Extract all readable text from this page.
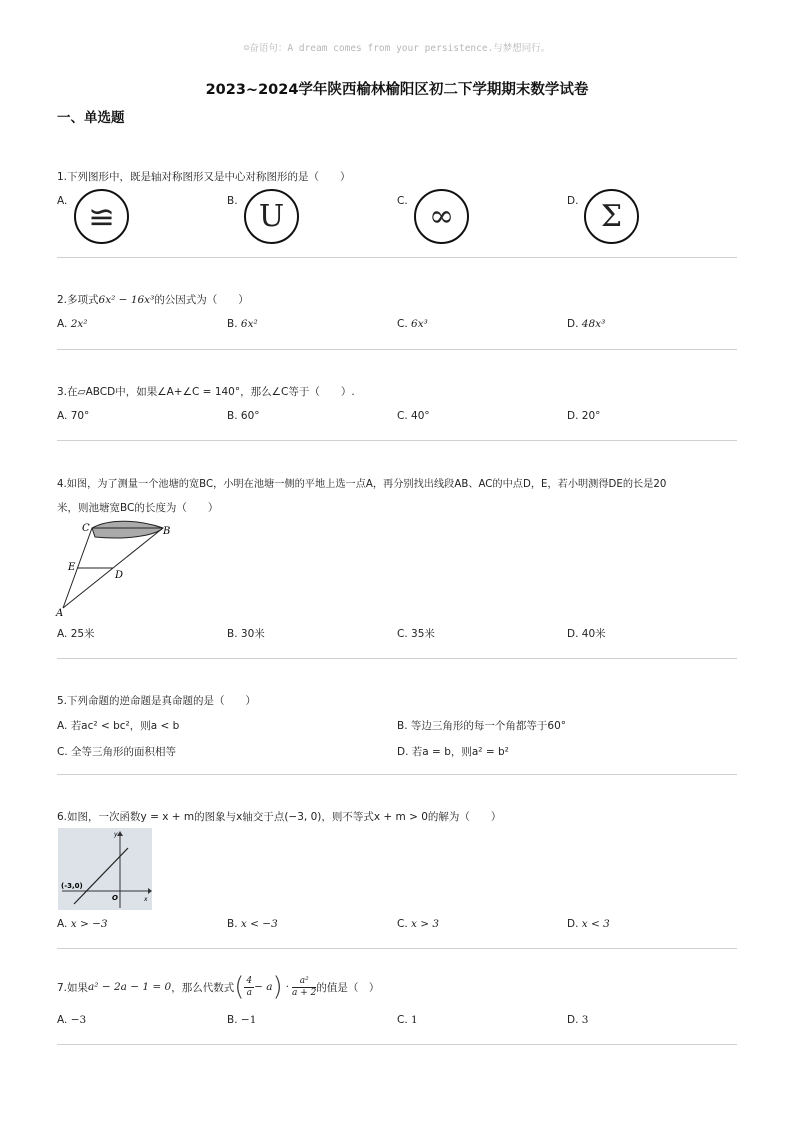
☺奋语句：A dream comes from your persistence.与梦想同行。
2023~2024学年陕西榆林榆阳区初二下学期期末数学试卷
一、单选题
1.下列图形中，既是轴对称图形又是中心对称图形的是（　　）
A. ≌	B. U	C. ∞	D. Σ
2.多项式6x² − 16x³的公因式为（　　）
A. 2x²	B. 6x²	C. 6x³	D. 48x³
3.在▱ABCD中，如果∠A+∠C = 140°，那么∠C等于（　　）.
A. 70°	B. 60°	C. 40°	D. 20°
4.如图，为了测量一个池塘的宽BC，小明在池塘一侧的平地上选一点A，再分别找出线段AB、AC的中点D，E，若小明测得DE的长是20
米，则池塘宽BC的长度为（　　）
C	B
E
D
A
A. 25米	B. 30米	C. 35米	D. 40米
5.下列命题的逆命题是真命题的是（　　）
A. 若ac² < bc²，则a < b	B. 等边三角形的每一个角都等于60°
C. 全等三角形的面积相等	D. 若a = b，则a² = b²
6.如图，一次函数y = x + m的图象与x轴交于点(−3, 0)，则不等式x + m > 0的解为（　　）
(-3,0)
O
y
x
A. x > −3	B. x < −3	C. x > 3	D. x < 3
7.如果 a² − 2a − 1 = 0 ，那么代数式 ( $\frac{4}{a} - a$ ) · $\frac{\text{a²}}{a + 2}$ 的值是（　）
A. −3	B. −1	C. 1	D. 3
